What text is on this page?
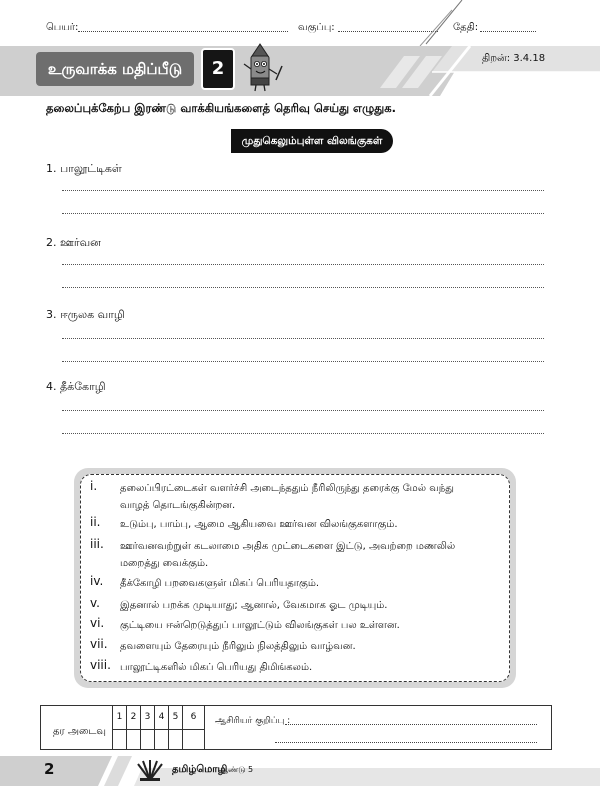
பெயர்:	வகுப்பு:	தேதி:
உருவாக்க மதிப்பீடு	2	திறன்: 3.4.18
தலைப்புக்கேற்ப இரண்டு வாக்கியங்களைத் தெரிவு செய்து எழுதுக.
முதுகெலும்புள்ள விலங்குகள்
1. பாலூட்டிகள்
2. ஊர்வன
3. ஈருலக வாழி
4. தீக்கோழி
i.	தலைப்பிரட்டைகள் வளர்ச்சி அடைந்ததும் நீரிலிருந்து தரைக்கு மேல் வந்து
வாழத் தொடங்குகின்றன.
ii.	உடும்பு, பாம்பு, ஆமை ஆகியவை ஊர்வன விலங்குகளாகும்.
iii.	ஊர்வனவற்றுள் கடலாமை அதிக முட்டைகளை இட்டு, அவற்றை மணலில்
மறைத்து வைக்கும்.
iv.	தீக்கோழி பறவைகளுள் மிகப் பெரியதாகும்.
v.	இதனால் பறக்க முடியாது; ஆனால், வேகமாக ஓட முடியும்.
vi.	குட்டியை ஈன்றெடுத்துப் பாலூட்டும் விலங்குகள் பல உள்ளன.
vii.	தவளையும் தேரையும் நீரிலும் நிலத்திலும் வாழ்வன.
viii. பாலூட்டிகளில் மிகப் பெரியது திமிங்கலம்.
தர அடைவு
1 2 3 4 5	6	ஆசிரியர் குறிப்பு :
2	தமிழ்மொழி
ஆண்டு 5
